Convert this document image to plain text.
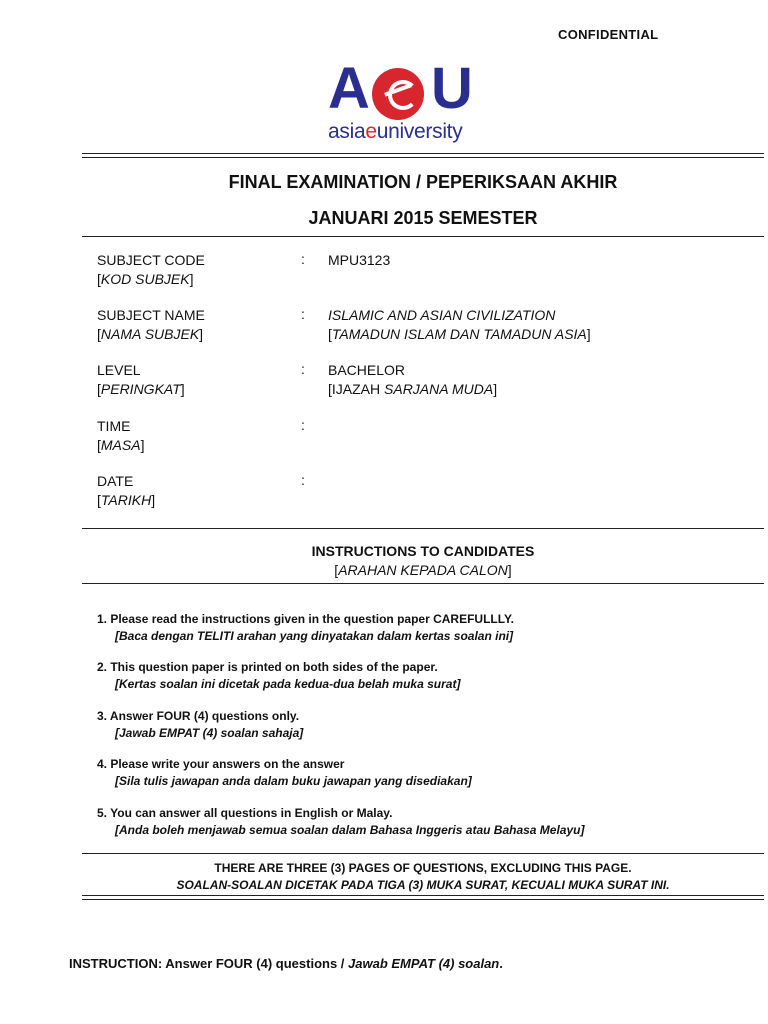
CONFIDENTIAL
A U
asiaeuniversity
FINAL EXAMINATION / PEPERIKSAAN AKHIR
JANUARI 2015 SEMESTER
SUBJECT CODE
[KOD SUBJEK]
: MPU3123
SUBJECT NAME
[NAMA SUBJEK]
: ISLAMIC AND ASIAN CIVILIZATION
[TAMADUN ISLAM DAN TAMADUN ASIA]
LEVEL
[PERINGKAT]
: BACHELOR
[IJAZAH SARJANA MUDA]
TIME
[MASA]
:
DATE
[TARIKH]
:
INSTRUCTIONS TO CANDIDATES
[ARAHAN KEPADA CALON]
1. Please read the instructions given in the question paper CAREFULLLY.
[Baca dengan TELITI arahan yang dinyatakan dalam kertas soalan ini]
2. This question paper is printed on both sides of the paper.
[Kertas soalan ini dicetak pada kedua-dua belah muka surat]
3. Answer FOUR (4) questions only.
[Jawab EMPAT (4) soalan sahaja]
4. Please write your answers on the answer
[Sila tulis jawapan anda dalam buku jawapan yang disediakan]
5. You can answer all questions in English or Malay.
[Anda boleh menjawab semua soalan dalam Bahasa Inggeris atau Bahasa Melayu]
THERE ARE THREE (3) PAGES OF QUESTIONS, EXCLUDING THIS PAGE.
SOALAN-SOALAN DICETAK PADA TIGA (3) MUKA SURAT, KECUALI MUKA SURAT INI.
INSTRUCTION: Answer FOUR (4) questions / Jawab EMPAT (4) soalan.
